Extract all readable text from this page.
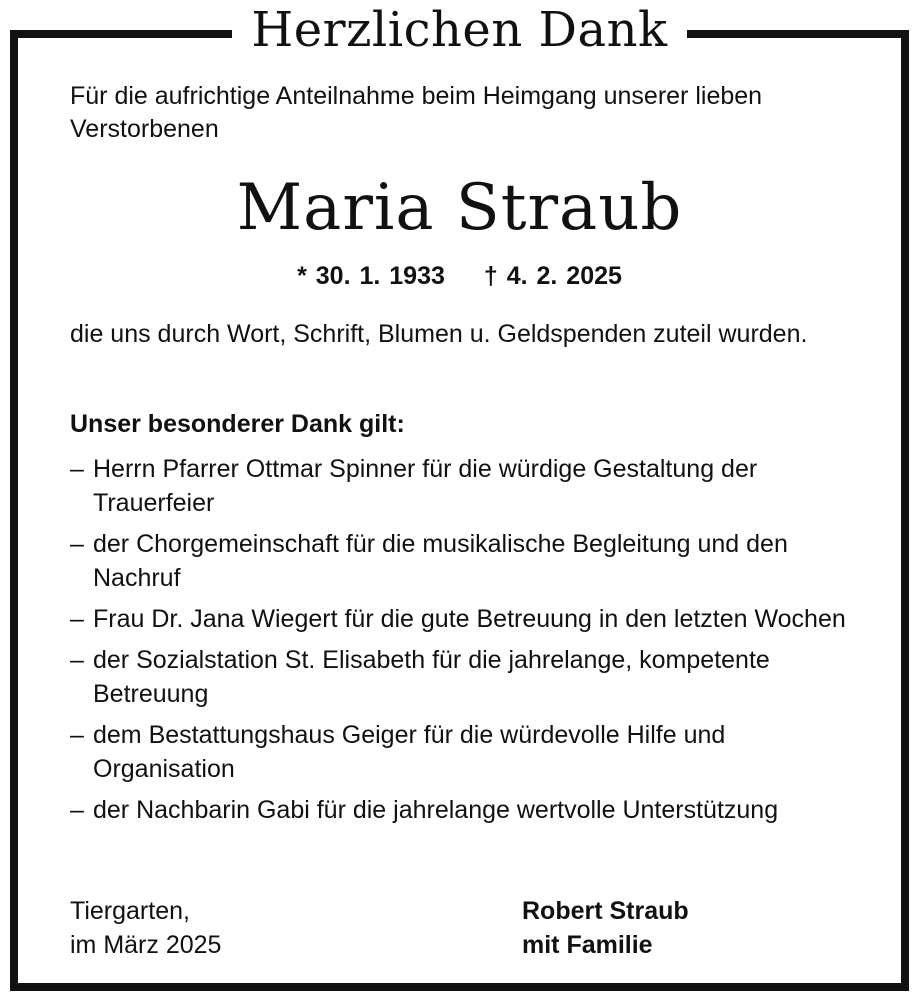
Herzlichen Dank
Für die aufrichtige Anteilnahme beim Heimgang unserer lieben Verstorbenen
Maria Straub
* 30. 1. 1933 † 4. 2. 2025
die uns durch Wort, Schrift, Blumen u. Geldspenden zuteil wurden.
Unser besonderer Dank gilt:
– Herrn Pfarrer Ottmar Spinner für die würdige Gestaltung der Trauerfeier
– der Chorgemeinschaft für die musikalische Begleitung und den Nachruf
– Frau Dr. Jana Wiegert für die gute Betreuung in den letzten Wochen
– der Sozialstation St. Elisabeth für die jahrelange, kompetente Betreuung
– dem Bestattungshaus Geiger für die würdevolle Hilfe und Organisation
– der Nachbarin Gabi für die jahrelange wertvolle Unterstützung
Tiergarten,
im März 2025
Robert Straub
mit Familie
